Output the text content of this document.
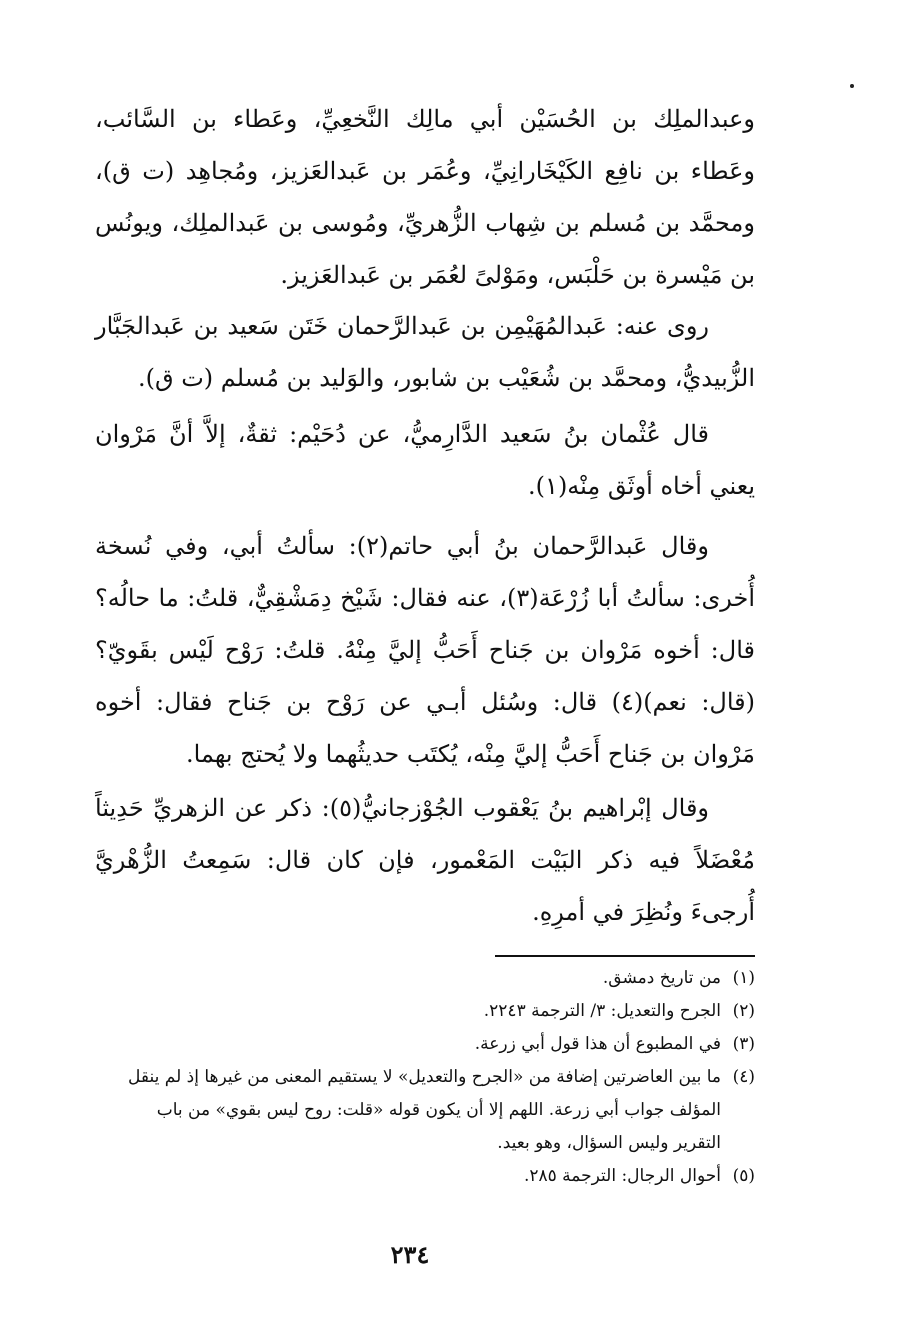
وعبدالملِك بن الحُسَيْن أبي مالِك النَّخعِيِّ، وعَطاء بن السَّائب، وعَطاء بن نافِع الكَيْخَارانِيِّ، وعُمَر بن عَبدالعَزيز، ومُجاهِد (ت ق)، ومحمَّد بن مُسلم بن شِهاب الزُّهريِّ، ومُوسى بن عَبدالملِك، ويونُس بن مَيْسرة بن حَلْبَس، ومَوْلىً لعُمَر بن عَبدالعَزيز.

روى عنه: عَبدالمُهَيْمِن بن عَبدالرَّحمان خَتَن سَعيد بن عَبدالجَبَّار الزُّبيديُّ، ومحمَّد بن شُعَيْب بن شابور، والوَليد بن مُسلم (ت ق).

قال عُثْمان بنُ سَعيد الدَّارِميُّ، عن دُحَيْم: ثقةٌ، إلاَّ أنَّ مَرْوان يعني أخاه أوثَق مِنْه(١).

وقال عَبدالرَّحمان بنُ أبي حاتم(٢): سألتُ أبي، وفي نُسخة أُخرى: سألتُ أبا زُرْعَة(٣)، عنه فقال: شَيْخ دِمَشْقِيٌّ، قلتُ: ما حالُه؟ قال: أخوه مَرْوان بن جَناح أَحَبُّ إليَّ مِنْهُ. قلتُ: رَوْح لَيْس بقَويّ؟ (قال: نعم)(٤) قال: وسُئل أبـي عن رَوْح بن جَناح فقال: أخوه مَرْوان بن جَناح أَحَبُّ إليَّ مِنْه، يُكتَب حديثُهما ولا يُحتج بهما.

وقال إبْراهيم بنُ يَعْقوب الجُوْزجانيُّ(٥): ذكر عن الزهريِّ حَدِيثاً مُعْضَلاً فيه ذكر البَيْت المَعْمور، فإن كان قال: سَمِعتُ الزُّهْريَّ أُرجىءَ ونُظِرَ في أمرِهِ.

(١)من تاريخ دمشق.

(٢)الجرح والتعديل: ٣/ الترجمة ٢٢٤٣.

(٣)في المطبوع أن هذا قول أبي زرعة.

(٤)ما بين العاضرتين إضافة من «الجرح والتعديل» لا يستقيم المعنى من غيرها إذ لم ينقل

المؤلف جواب أبي زرعة. اللهم إلا أن يكون قوله «قلت: روح ليس بقوي» من باب

التقرير وليس السؤال، وهو بعيد.

(٥)أحوال الرجال: الترجمة ٢٨٥.

٢٣٤
